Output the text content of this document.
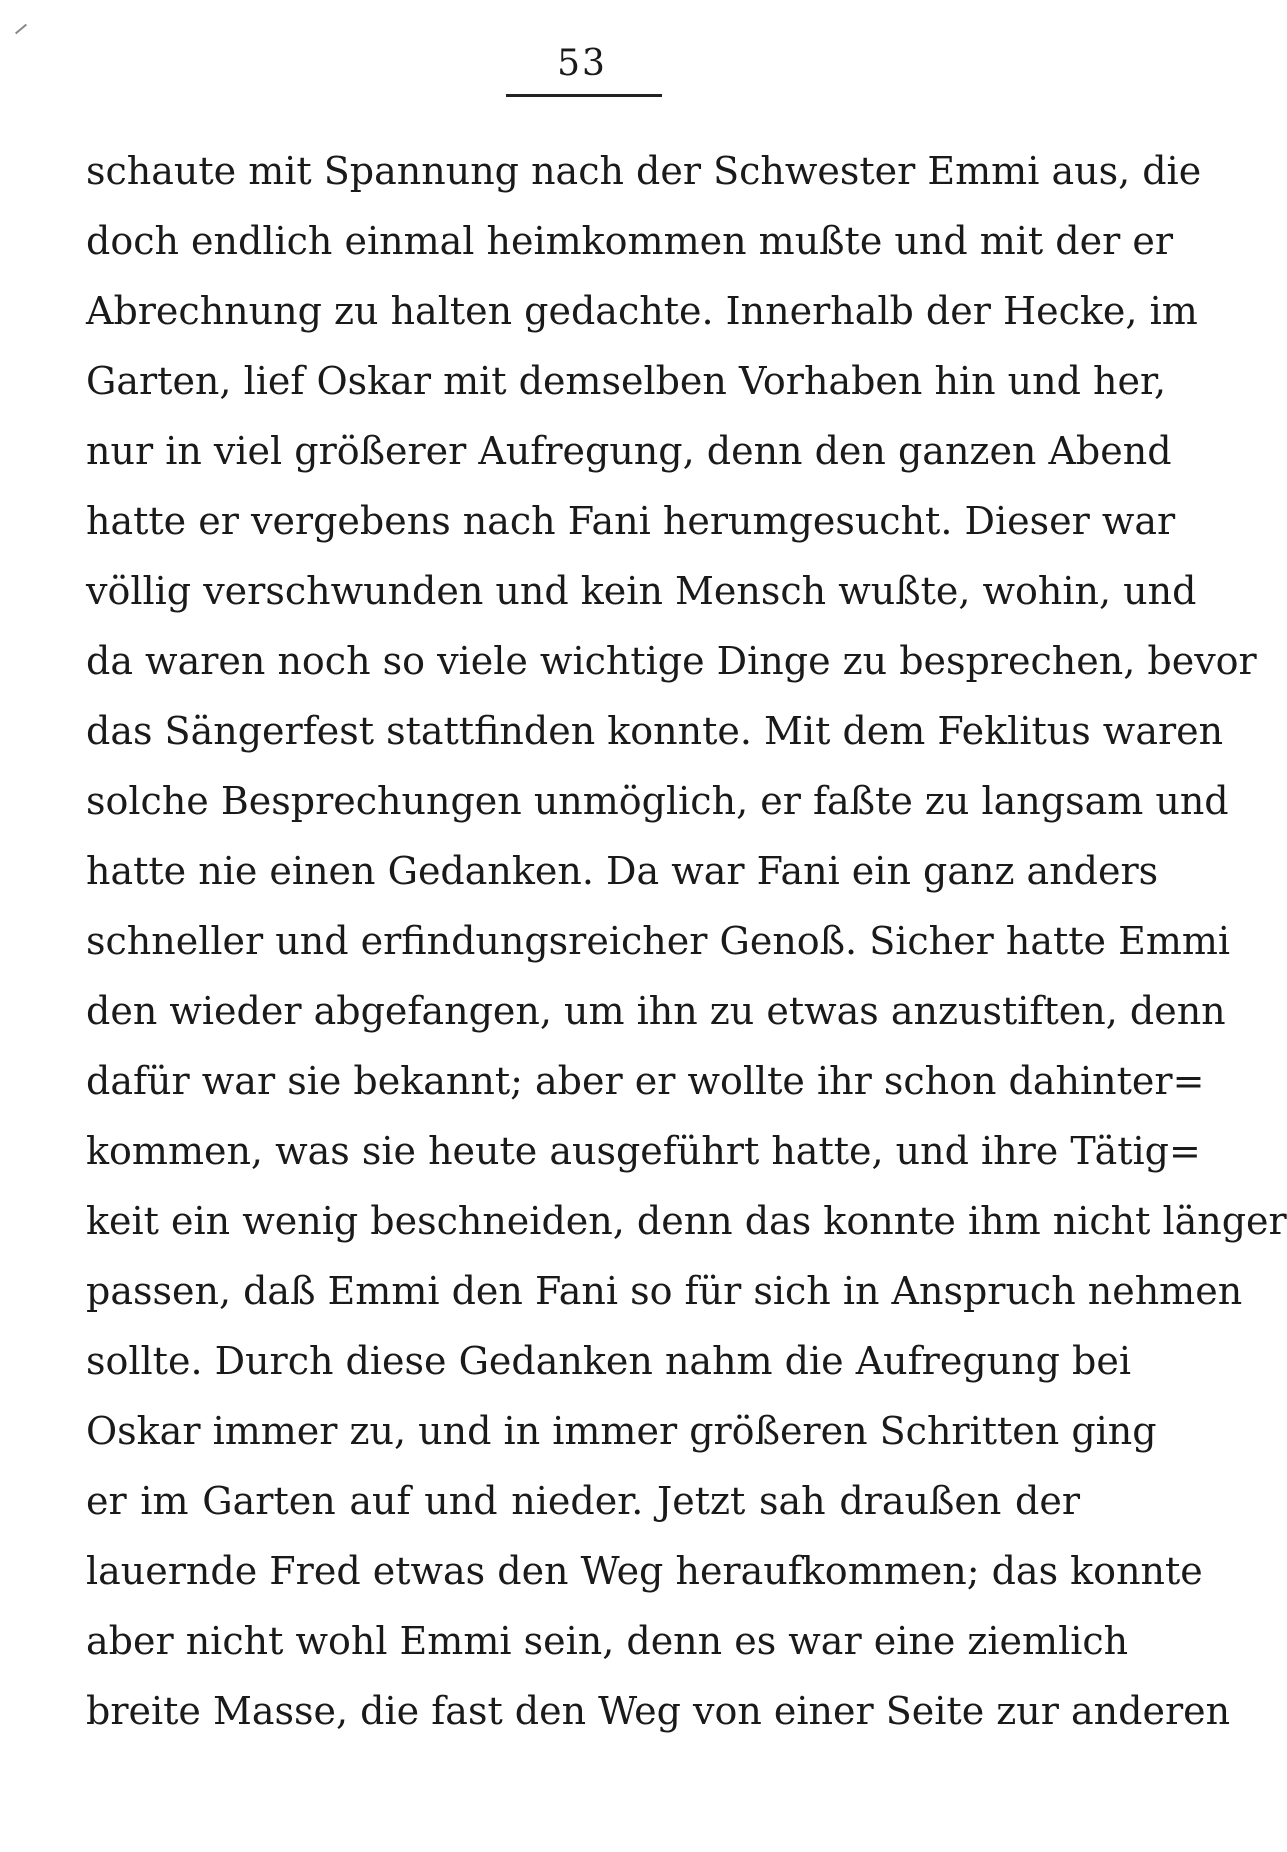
53
schaute mit Spannung nach der Schwester Emmi aus, die
doch endlich einmal heimkommen mußte und mit der er
Abrechnung zu halten gedachte. Innerhalb der Hecke, im
Garten, lief Oskar mit demselben Vorhaben hin und her,
nur in viel größerer Aufregung, denn den ganzen Abend
hatte er vergebens nach Fani herumgesucht. Dieser war
völlig verschwunden und kein Mensch wußte, wohin, und
da waren noch so viele wichtige Dinge zu besprechen, bevor
das Sängerfest stattfinden konnte. Mit dem Feklitus waren
solche Besprechungen unmöglich, er faßte zu langsam und
hatte nie einen Gedanken. Da war Fani ein ganz anders
schneller und erfindungsreicher Genoß. Sicher hatte Emmi
den wieder abgefangen, um ihn zu etwas anzustiften, denn
dafür war sie bekannt; aber er wollte ihr schon dahinter=
kommen, was sie heute ausgeführt hatte, und ihre Tätig=
keit ein wenig beschneiden, denn das konnte ihm nicht länger
passen, daß Emmi den Fani so für sich in Anspruch nehmen
sollte. Durch diese Gedanken nahm die Aufregung bei
Oskar immer zu, und in immer größeren Schritten ging
er im Garten auf und nieder. Jetzt sah draußen der
lauernde Fred etwas den Weg heraufkommen; das konnte
aber nicht wohl Emmi sein, denn es war eine ziemlich
breite Masse, die fast den Weg von einer Seite zur anderen
